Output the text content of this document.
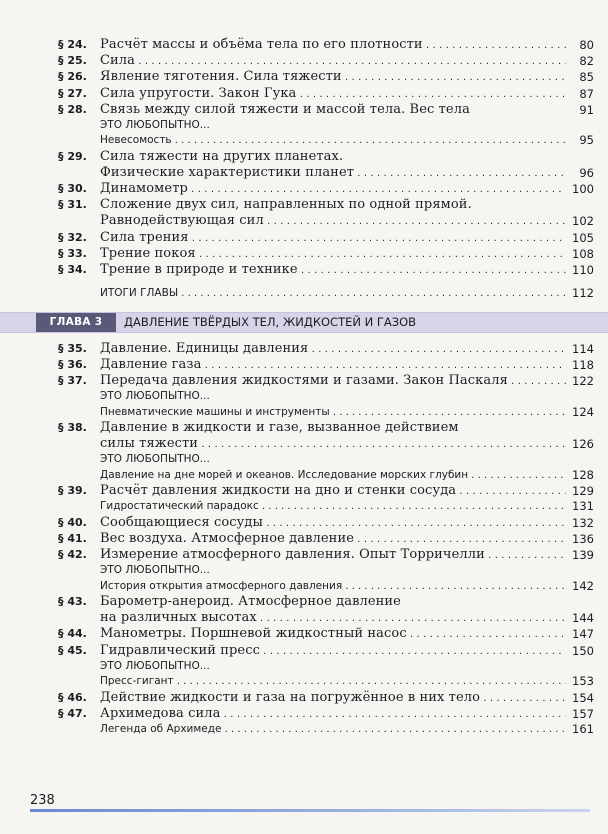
§ 24.	Расчёт массы и объёма тела по его плотности . . .	80
§ 25.	Сила . . .	82
§ 26.	Явление тяготения. Сила тяжести . . .	85
§ 27.	Сила упругости. Закон Гука . . .	87
§ 28.	Связь между силой тяжести и массой тела. Вес тела	91
ЭТО ЛЮБОПЫТНО...
Невесомость . . .	95
§ 29.	Сила тяжести на других планетах.
Физические характеристики планет . . .	96
§ 30.	Динамометр . . .	100
§ 31.	Сложение двух сил, направленных по одной прямой.
Равнодействующая сил . . .	102
§ 32.	Сила трения . . .	105
§ 33.	Трение покоя . . .	108
§ 34.	Трение в природе и технике . . .	110
ИТОГИ ГЛАВЫ . . .	112
ГЛАВА 3	ДАВЛЕНИЕ ТВЁРДЫХ ТЕЛ, ЖИДКОСТЕЙ И ГАЗОВ
§ 35.	Давление. Единицы давления . . .	114
§ 36.	Давление газа . . .	118
§ 37.	Передача давления жидкостями и газами. Закон Паскаля . . .	122
ЭТО ЛЮБОПЫТНО...
Пневматические машины и инструменты . . .	124
§ 38.	Давление в жидкости и газе, вызванное действием
силы тяжести . . .	126
ЭТО ЛЮБОПЫТНО...
Давление на дне морей и океанов. Исследование морских глубин . . .	128
§ 39.	Расчёт давления жидкости на дно и стенки сосуда . . .	129
Гидростатический парадокс . . .	131
§ 40.	Сообщающиеся сосуды . . .	132
§ 41.	Вес воздуха. Атмосферное давление . . .	136
§ 42.	Измерение атмосферного давления. Опыт Торричелли . . .	139
ЭТО ЛЮБОПЫТНО...
История открытия атмосферного давления . . .	142
§ 43.	Барометр-анероид. Атмосферное давление
на различных высотах . . .	144
§ 44.	Манометры. Поршневой жидкостный насос . . .	147
§ 45.	Гидравлический пресс . . .	150
ЭТО ЛЮБОПЫТНО...
Пресс-гигант . . .	153
§ 46.	Действие жидкости и газа на погружённое в них тело . . .	154
§ 47.	Архимедова сила . . .	157
Легенда об Архимеде . . .	161
238
